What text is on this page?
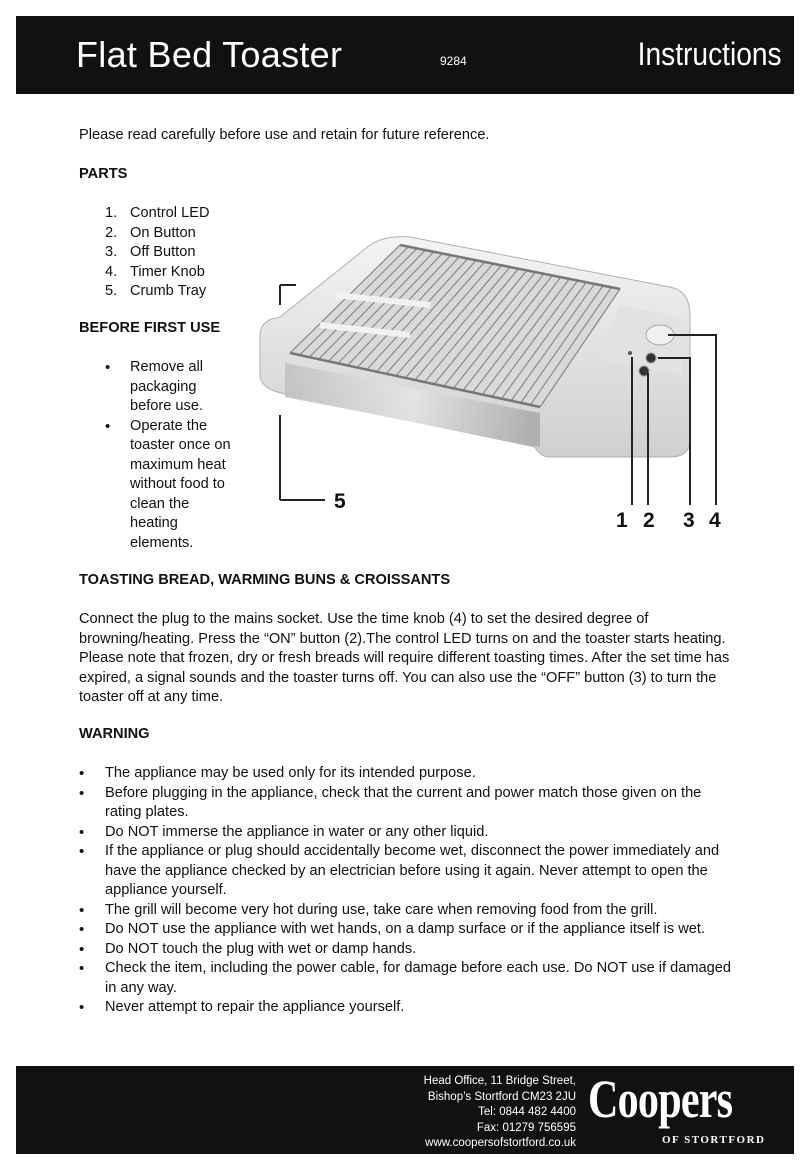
Flat Bed Toaster	9284	Instructions

Please read carefully before use and retain for future reference.

PARTS

1. Control LED
2. On Button
3. Off Button
4. Timer Knob
5. Crumb Tray

BEFORE FIRST USE

• Remove all packaging before use.
• Operate the toaster once on maximum heat without food to clean the heating elements.

TOASTING BREAD, WARMING BUNS & CROISSANTS

Connect the plug to the mains socket. Use the time knob (4) to set the desired degree of browning/heating. Press the “ON” button (2).The control LED turns on and the toaster starts heating. Please note that frozen, dry or fresh breads will require different toasting times. After the set time has expired, a signal sounds and the toaster turns off. You can also use the “OFF” button (3) to turn the toaster off at any time.

WARNING

• The appliance may be used only for its intended purpose.
• Before plugging in the appliance, check that the current and power match those given on the rating plates.
• Do NOT immerse the appliance in water or any other liquid.
• If the appliance or plug should accidentally become wet, disconnect the power immediately and have the appliance checked by an electrician before using it again. Never attempt to open the appliance yourself.
• The grill will become very hot during use, take care when removing food from the grill.
• Do NOT use the appliance with wet hands, on a damp surface or if the appliance itself is wet.
• Do NOT touch the plug with wet or damp hands.
• Check the item, including the power cable, for damage before each use. Do NOT use if damaged in any way.
• Never attempt to repair the appliance yourself.
5
1 2 3 4
Head Office, 11 Bridge Street,
Bishop’s Stortford CM23 2JU
Tel: 0844 482 4400
Fax: 01279 756595
www.coopersofstortford.co.uk
Coopers
OF STORTFORD
